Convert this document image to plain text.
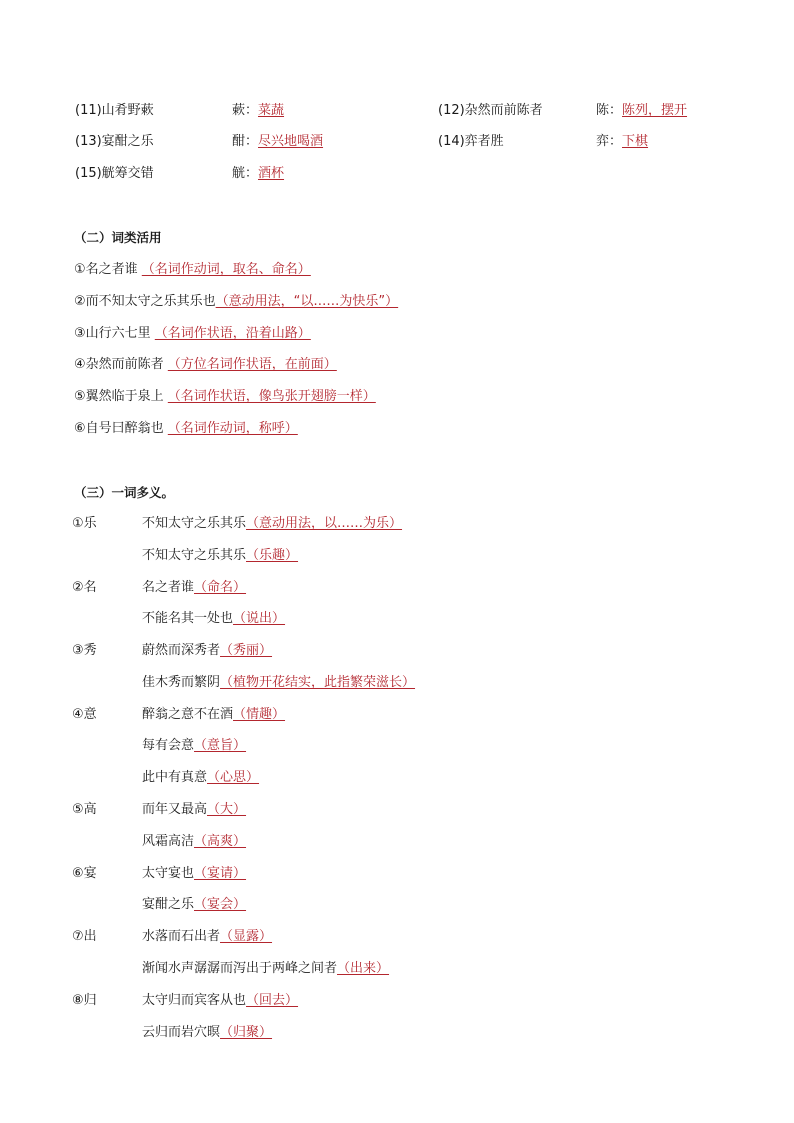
(11)山肴野蔌	蔌：菜蔬	(12)杂然而前陈者	陈：陈列，摆开
(13)宴酣之乐	酣：尽兴地喝酒	(14)弈者胜	弈：下棋
(15)觥筹交错	觥：酒杯
（二）词类活用
①名之者谁 （名词作动词，取名、命名）
②而不知太守之乐其乐也（意动用法，“以……为快乐”）
③山行六七里 （名词作状语，沿着山路）
④杂然而前陈者 （方位名词作状语，在前面）
⑤翼然临于泉上 （名词作状语，像鸟张开翅膀一样）
⑥自号曰醉翁也 （名词作动词，称呼）
（三）一词多义。
①乐	不知太守之乐其乐（意动用法，以……为乐）
不知太守之乐其乐（乐趣）
②名	名之者谁（命名）
不能名其一处也（说出）
③秀	蔚然而深秀者（秀丽）
佳木秀而繁阴（植物开花结实，此指繁荣滋长）
④意	醉翁之意不在酒（情趣）
每有会意（意旨）
此中有真意（心思）
⑤高	而年又最高（大）
风霜高洁（高爽）
⑥宴	太守宴也（宴请）
宴酣之乐（宴会）
⑦出	水落而石出者（显露）
渐闻水声潺潺而泻出于两峰之间者（出来）
⑧归	太守归而宾客从也（回去）
云归而岩穴暝（归聚）
